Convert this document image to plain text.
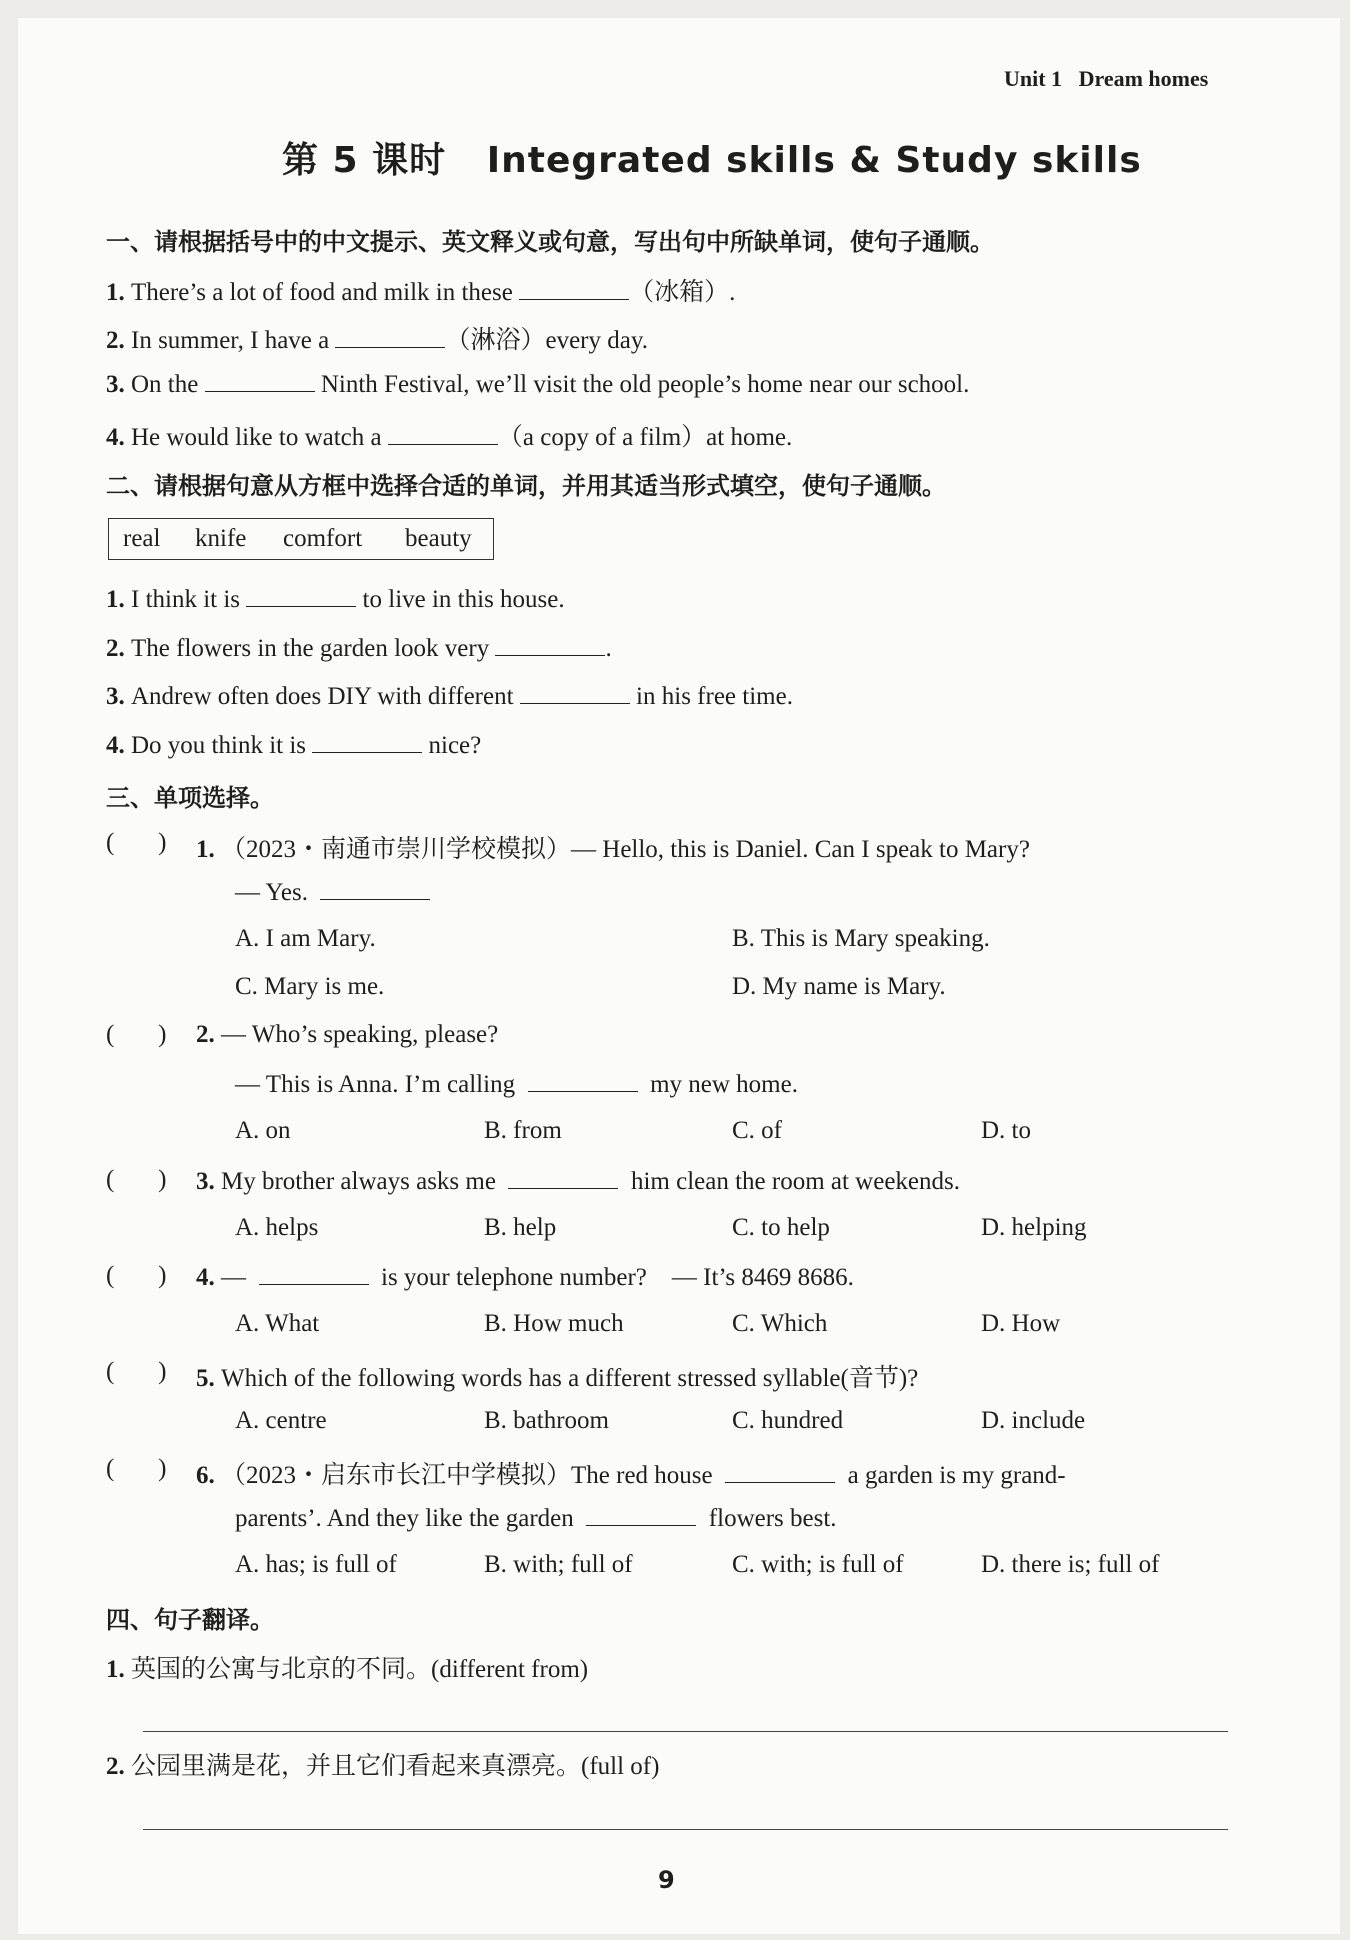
Unit 1 Dream homes
第 5 课时 Integrated skills & Study skills
一、请根据括号中的中文提示、英文释义或句意，写出句中所缺单词，使句子通顺。
1. There’s a lot of food and milk in these	（冰箱）.
2. In summer, I have a	（淋浴）every day.
3. On the	Ninth Festival, we’ll visit the old people’s home near our school.
4. He would like to watch a	（a copy of a film）at home.
二、请根据句意从方框中选择合适的单词，并用其适当形式填空，使句子通顺。
real knife comfort beauty
1. I think it is	to live in this house.
2. The flowers in the garden look very	.
3. Andrew often does DIY with different	in his free time.
4. Do you think it is	nice?
三、单项选择。
(       ) 1. （2023・南通市崇川学校模拟）— Hello, this is Daniel. Can I speak to Mary?
— Yes.
A. I am Mary.	B. This is Mary speaking.
C. Mary is me.	D. My name is Mary.
(       ) 2. — Who’s speaking, please?
— This is Anna. I’m calling	my new home.
A. on	B. from	C. of	D. to
(       ) 3. My brother always asks me	him clean the room at weekends.
A. helps	B. help	C. to help	D. helping
(       ) 4. —	is your telephone number? — It’s 8469 8686.
A. What	B. How much	C. Which	D. How
(       ) 5. Which of the following words has a different stressed syllable(音节)?
A. centre	B. bathroom	C. hundred	D. include
(       ) 6. （2023・启东市长江中学模拟）The red house	a garden is my grand-
parents’. And they like the garden	flowers best.
A. has; is full of	B. with; full of	C. with; is full of	D. there is; full of
四、句子翻译。
1. 英国的公寓与北京的不同。(different from)
2. 公园里满是花，并且它们看起来真漂亮。(full of)
9
